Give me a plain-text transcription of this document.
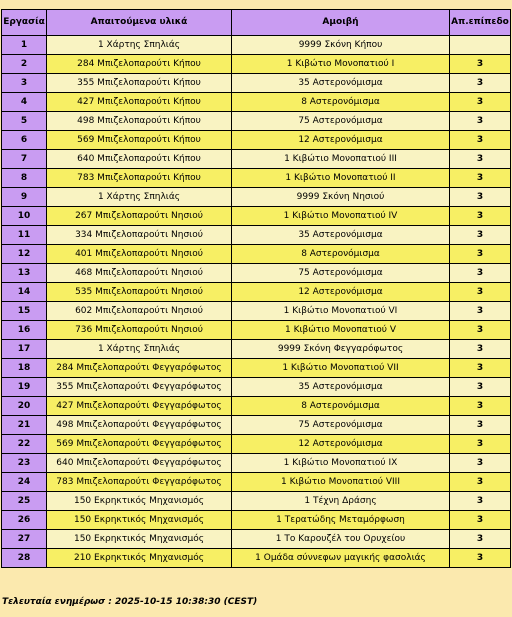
Εργασία	Απαιτούμενα υλικά	Αμοιβή	Απ.επίπεδο
1	1 Χάρτης Σπηλιάς	9999 Σκόνη Κήπου	
2	284 Μπιζελοπαρούτι Κήπου	1 Κιβώτιο Μονοπατιού I	3
3	355 Μπιζελοπαρούτι Κήπου	35 Αστερονόμισμα	3
4	427 Μπιζελοπαρούτι Κήπου	8 Αστερονόμισμα	3
5	498 Μπιζελοπαρούτι Κήπου	75 Αστερονόμισμα	3
6	569 Μπιζελοπαρούτι Κήπου	12 Αστερονόμισμα	3
7	640 Μπιζελοπαρούτι Κήπου	1 Κιβώτιο Μονοπατιού III	3
8	783 Μπιζελοπαρούτι Κήπου	1 Κιβώτιο Μονοπατιού II	3
9	1 Χάρτης Σπηλιάς	9999 Σκόνη Νησιού	3
10	267 Μπιζελοπαρούτι Νησιού	1 Κιβώτιο Μονοπατιού IV	3
11	334 Μπιζελοπαρούτι Νησιού	35 Αστερονόμισμα	3
12	401 Μπιζελοπαρούτι Νησιού	8 Αστερονόμισμα	3
13	468 Μπιζελοπαρούτι Νησιού	75 Αστερονόμισμα	3
14	535 Μπιζελοπαρούτι Νησιού	12 Αστερονόμισμα	3
15	602 Μπιζελοπαρούτι Νησιού	1 Κιβώτιο Μονοπατιού VI	3
16	736 Μπιζελοπαρούτι Νησιού	1 Κιβώτιο Μονοπατιού V	3
17	1 Χάρτης Σπηλιάς	9999 Σκόνη Φεγγαρόφωτος	3
18	284 Μπιζελοπαρούτι Φεγγαρόφωτος	1 Κιβώτιο Μονοπατιού VII	3
19	355 Μπιζελοπαρούτι Φεγγαρόφωτος	35 Αστερονόμισμα	3
20	427 Μπιζελοπαρούτι Φεγγαρόφωτος	8 Αστερονόμισμα	3
21	498 Μπιζελοπαρούτι Φεγγαρόφωτος	75 Αστερονόμισμα	3
22	569 Μπιζελοπαρούτι Φεγγαρόφωτος	12 Αστερονόμισμα	3
23	640 Μπιζελοπαρούτι Φεγγαρόφωτος	1 Κιβώτιο Μονοπατιού IX	3
24	783 Μπιζελοπαρούτι Φεγγαρόφωτος	1 Κιβώτιο Μονοπατιού VIII	3
25	150 Εκρηκτικός Μηχανισμός	1 Τέχνη Δράσης	3
26	150 Εκρηκτικός Μηχανισμός	1 Τερατώδης Μεταμόρφωση	3
27	150 Εκρηκτικός Μηχανισμός	1 Το Καρουζέλ του Ορυχείου	3
28	210 Εκρηκτικός Μηχανισμός	1 Ομάδα σύννεφων μαγικής φασολιάς	3
Τελευταία ενημέρωσ : 2025-10-15 10:38:30 (CEST)
